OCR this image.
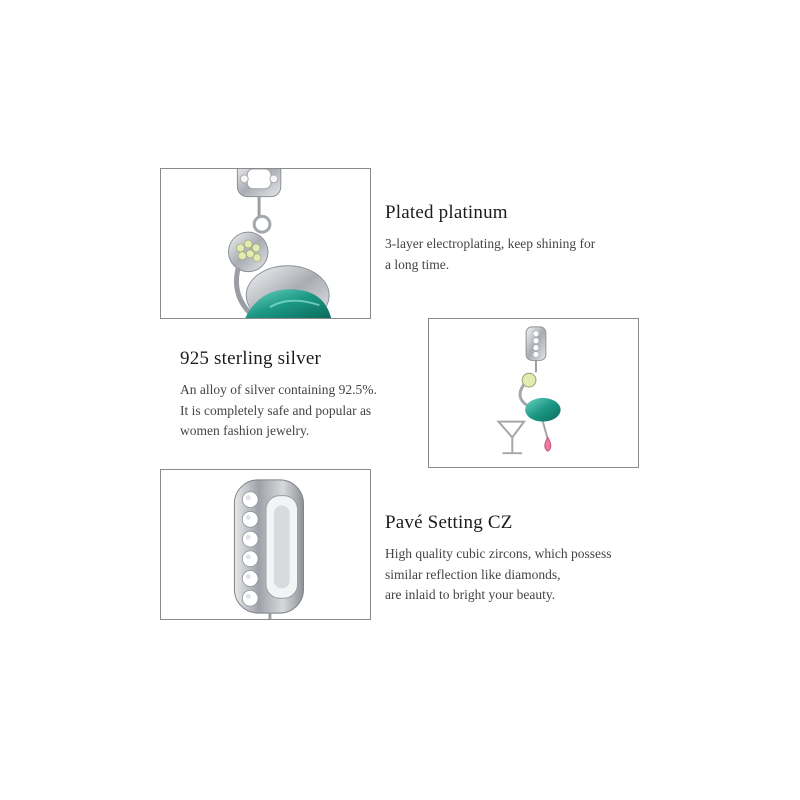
Plated platinum

3-layer electroplating, keep shining for
a long time.

925 sterling silver

An alloy of silver containing 92.5%.
It is completely safe and popular as
women fashion jewelry.

Pavé Setting CZ

High quality cubic zircons, which possess
similar reflection like diamonds,
are inlaid to bright your beauty.
